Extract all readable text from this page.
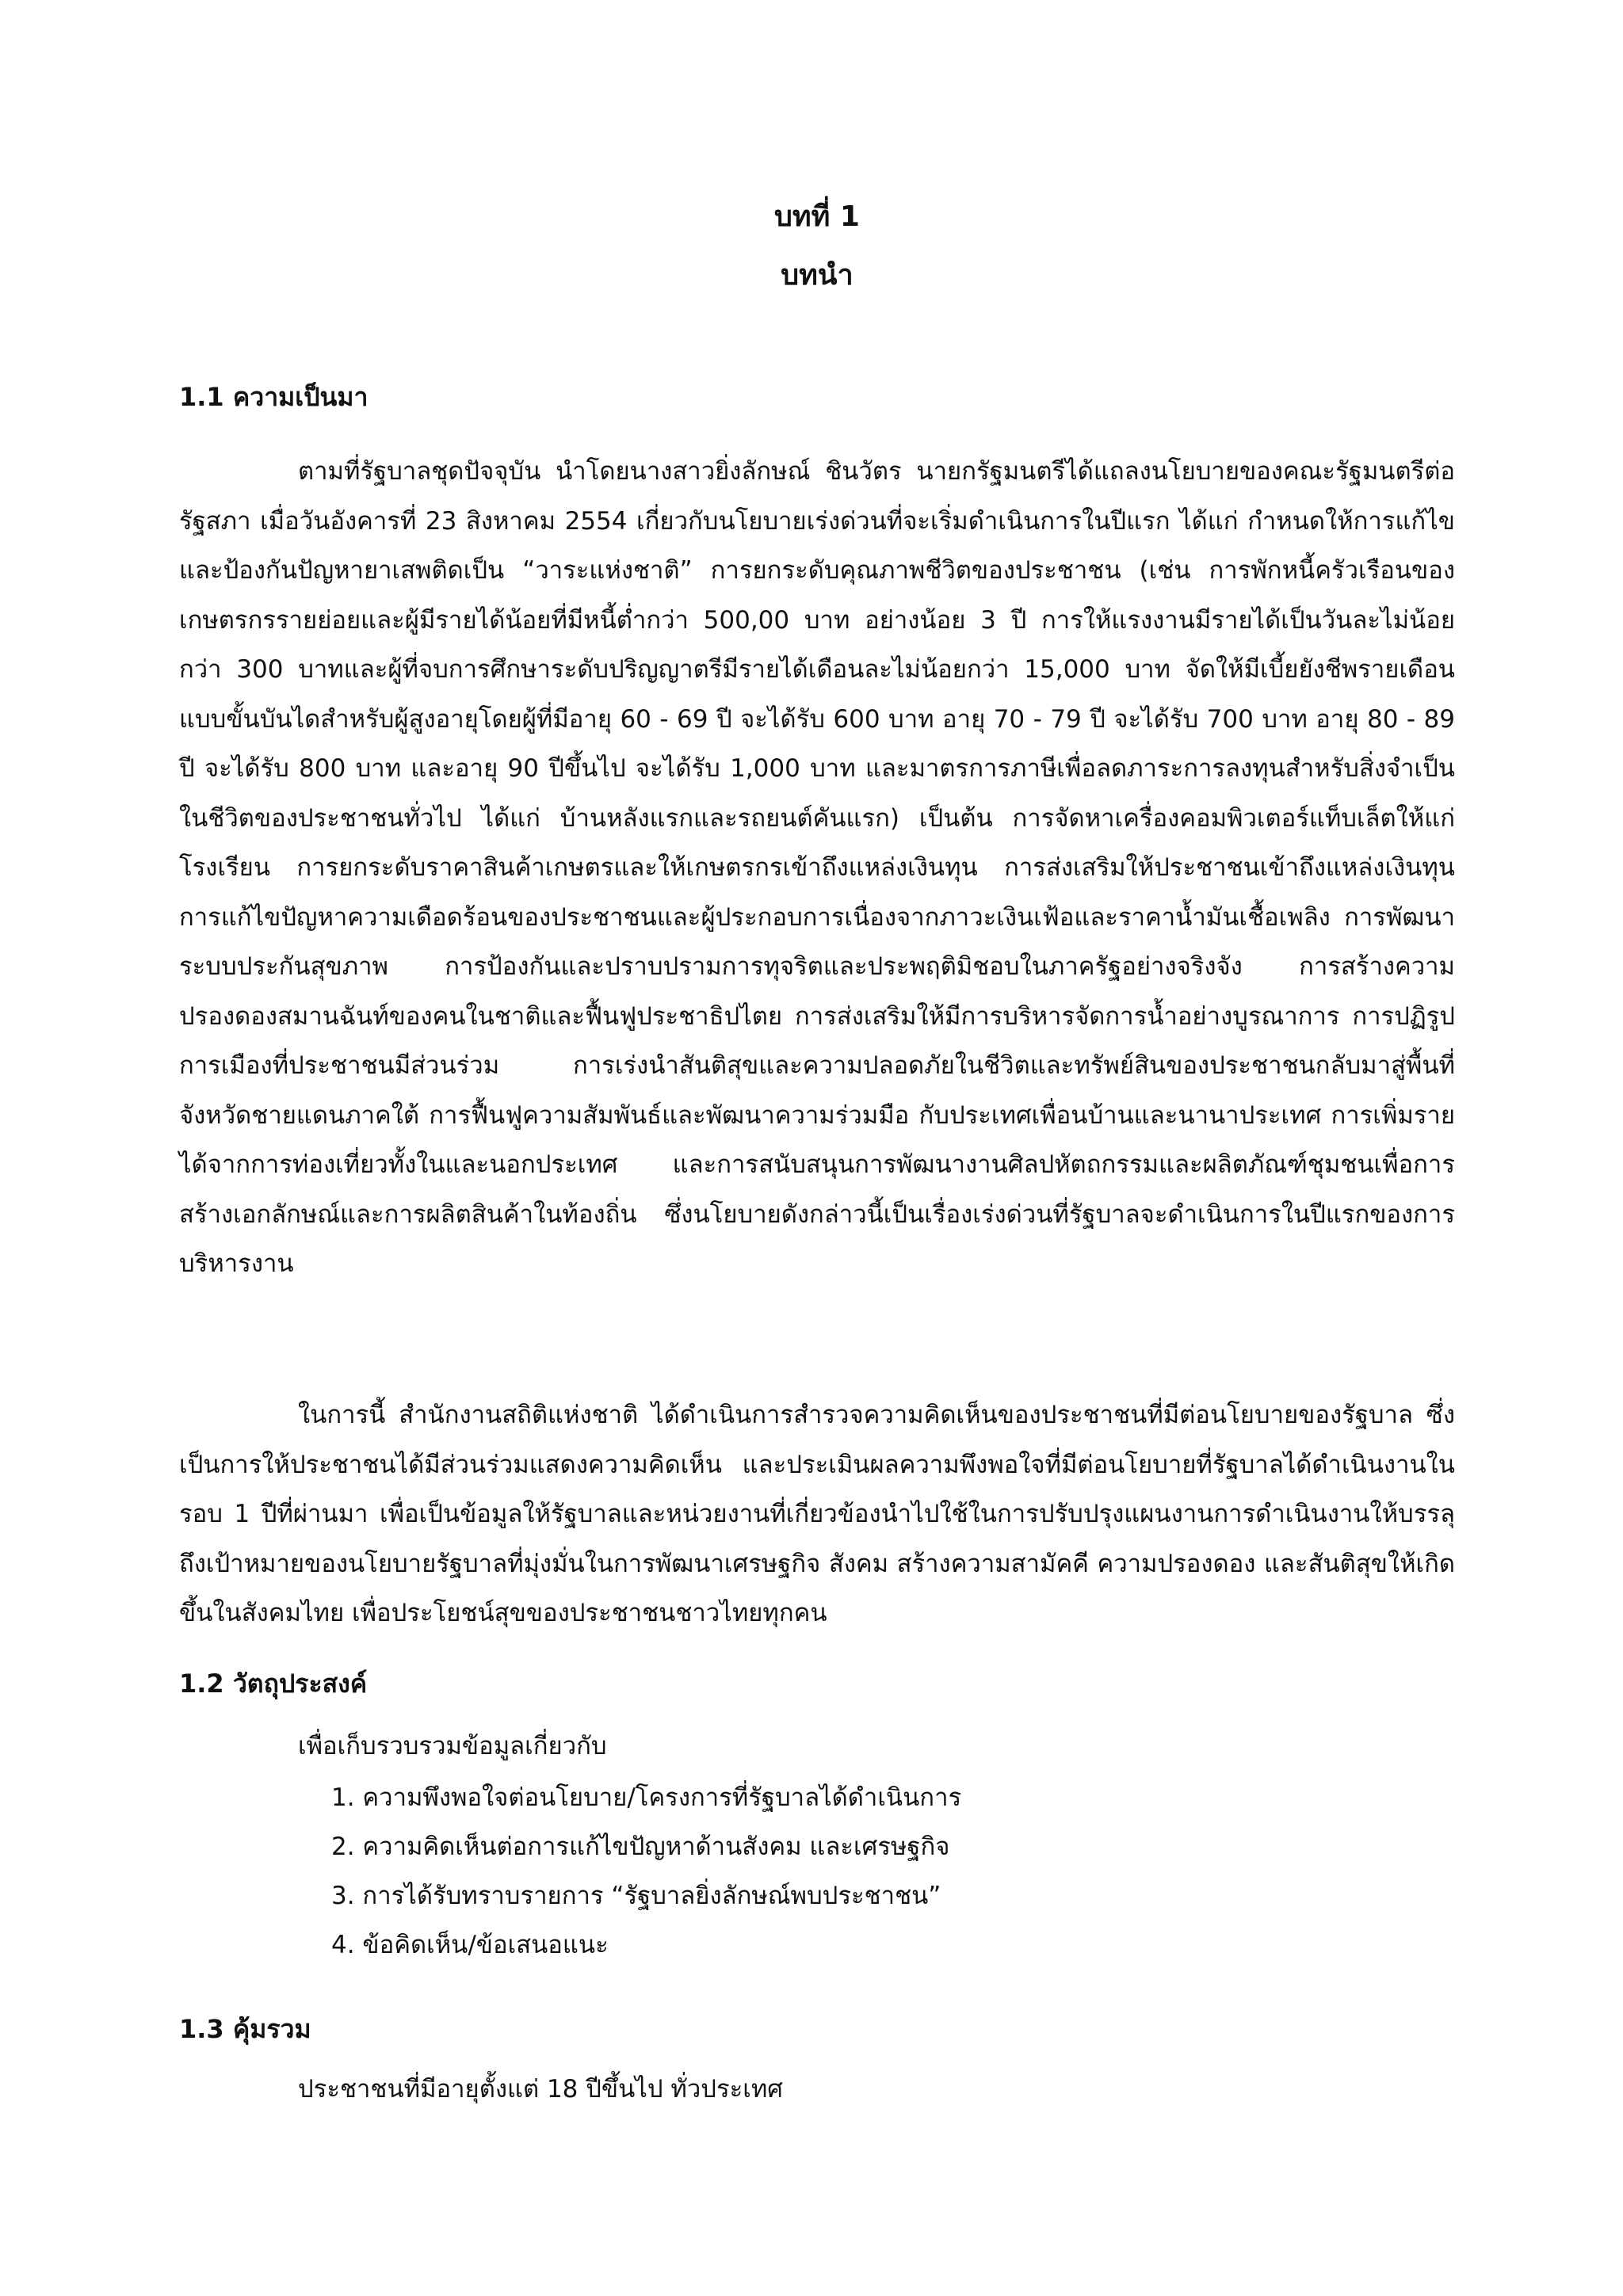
บทที่ 1
บทนำ
1.1 ความเป็นมา

ตามที่รัฐบาลชุดปัจจุบัน นำโดยนางสาวยิ่งลักษณ์ ชินวัตร นายกรัฐมนตรีได้แถลงนโยบายของคณะรัฐมนตรีต่อรัฐสภา เมื่อวันอังคารที่ 23 สิงหาคม 2554 เกี่ยวกับนโยบายเร่งด่วนที่จะเริ่มดำเนินการในปีแรก ได้แก่ กำหนดให้การแก้ไขและป้องกันปัญหายาเสพติดเป็น “วาระแห่งชาติ” การยกระดับคุณภาพชีวิตของประชาชน (เช่น การพักหนี้ครัวเรือนของเกษตรกรรายย่อยและผู้มีรายได้น้อยที่มีหนี้ต่ำกว่า 500,00 บาท อย่างน้อย 3 ปี การให้แรงงานมีรายได้เป็นวันละไม่น้อยกว่า 300 บาทและผู้ที่จบการศึกษาระดับปริญญาตรีมีรายได้เดือนละไม่น้อยกว่า 15,000 บาท จัดให้มีเบี้ยยังชีพรายเดือนแบบขั้นบันไดสำหรับผู้สูงอายุโดยผู้ที่มีอายุ 60 - 69 ปี จะได้รับ 600 บาท อายุ 70 - 79 ปี จะได้รับ 700 บาท อายุ 80 - 89 ปี จะได้รับ 800 บาท และอายุ 90 ปีขึ้นไป จะได้รับ 1,000 บาท และมาตรการภาษีเพื่อลดภาระการลงทุนสำหรับสิ่งจำเป็นในชีวิตของประชาชนทั่วไป ได้แก่ บ้านหลังแรกและรถยนต์คันแรก) เป็นต้น การจัดหาเครื่องคอมพิวเตอร์แท็บเล็ตให้แก่โรงเรียน การยกระดับราคาสินค้าเกษตรและให้เกษตรกรเข้าถึงแหล่งเงินทุน การส่งเสริมให้ประชาชนเข้าถึงแหล่งเงินทุน การแก้ไขปัญหาความเดือดร้อนของประชาชนและผู้ประกอบการเนื่องจากภาวะเงินเฟ้อและราคาน้ำมันเชื้อเพลิง การพัฒนาระบบประกันสุขภาพ การป้องกันและปราบปรามการทุจริตและประพฤติมิชอบในภาครัฐอย่างจริงจัง การสร้างความปรองดองสมานฉันท์ของคนในชาติและฟื้นฟูประชาธิปไตย การส่งเสริมให้มีการบริหารจัดการน้ำอย่างบูรณาการ การปฏิรูปการเมืองที่ประชาชนมีส่วนร่วม การเร่งนำสันติสุขและความปลอดภัยในชีวิตและทรัพย์สินของประชาชนกลับมาสู่พื้นที่จังหวัดชายแดนภาคใต้ การฟื้นฟูความสัมพันธ์และพัฒนาความร่วมมือ กับประเทศเพื่อนบ้านและนานาประเทศ การเพิ่มรายได้จากการท่องเที่ยวทั้งในและนอกประเทศ และการสนับสนุนการพัฒนางานศิลปหัตถกรรมและผลิตภัณฑ์ชุมชนเพื่อการสร้างเอกลักษณ์และการผลิตสินค้าในท้องถิ่น ซึ่งนโยบายดังกล่าวนี้เป็นเรื่องเร่งด่วนที่รัฐบาลจะดำเนินการในปีแรกของการบริหารงาน

ในการนี้ สำนักงานสถิติแห่งชาติ ได้ดำเนินการสำรวจความคิดเห็นของประชาชนที่มีต่อนโยบายของรัฐบาล ซึ่งเป็นการให้ประชาชนได้มีส่วนร่วมแสดงความคิดเห็น และประเมินผลความพึงพอใจที่มีต่อนโยบายที่รัฐบาลได้ดำเนินงานในรอบ 1 ปีที่ผ่านมา เพื่อเป็นข้อมูลให้รัฐบาลและหน่วยงานที่เกี่ยวข้องนำไปใช้ในการปรับปรุงแผนงานการดำเนินงานให้บรรลุถึงเป้าหมายของนโยบายรัฐบาลที่มุ่งมั่นในการพัฒนาเศรษฐกิจ สังคม สร้างความสามัคคี ความปรองดอง และสันติสุขให้เกิดขึ้นในสังคมไทย เพื่อประโยชน์สุขของประชาชนชาวไทยทุกคน

1.2 วัตถุประสงค์
เพื่อเก็บรวบรวมข้อมูลเกี่ยวกับ
1. ความพึงพอใจต่อนโยบาย/โครงการที่รัฐบาลได้ดำเนินการ
2. ความคิดเห็นต่อการแก้ไขปัญหาด้านสังคม และเศรษฐกิจ
3. การได้รับทราบรายการ “รัฐบาลยิ่งลักษณ์พบประชาชน”
4. ข้อคิดเห็น/ข้อเสนอแนะ
1.3 คุ้มรวม
ประชาชนที่มีอายุตั้งแต่ 18 ปีขึ้นไป ทั่วประเทศ
